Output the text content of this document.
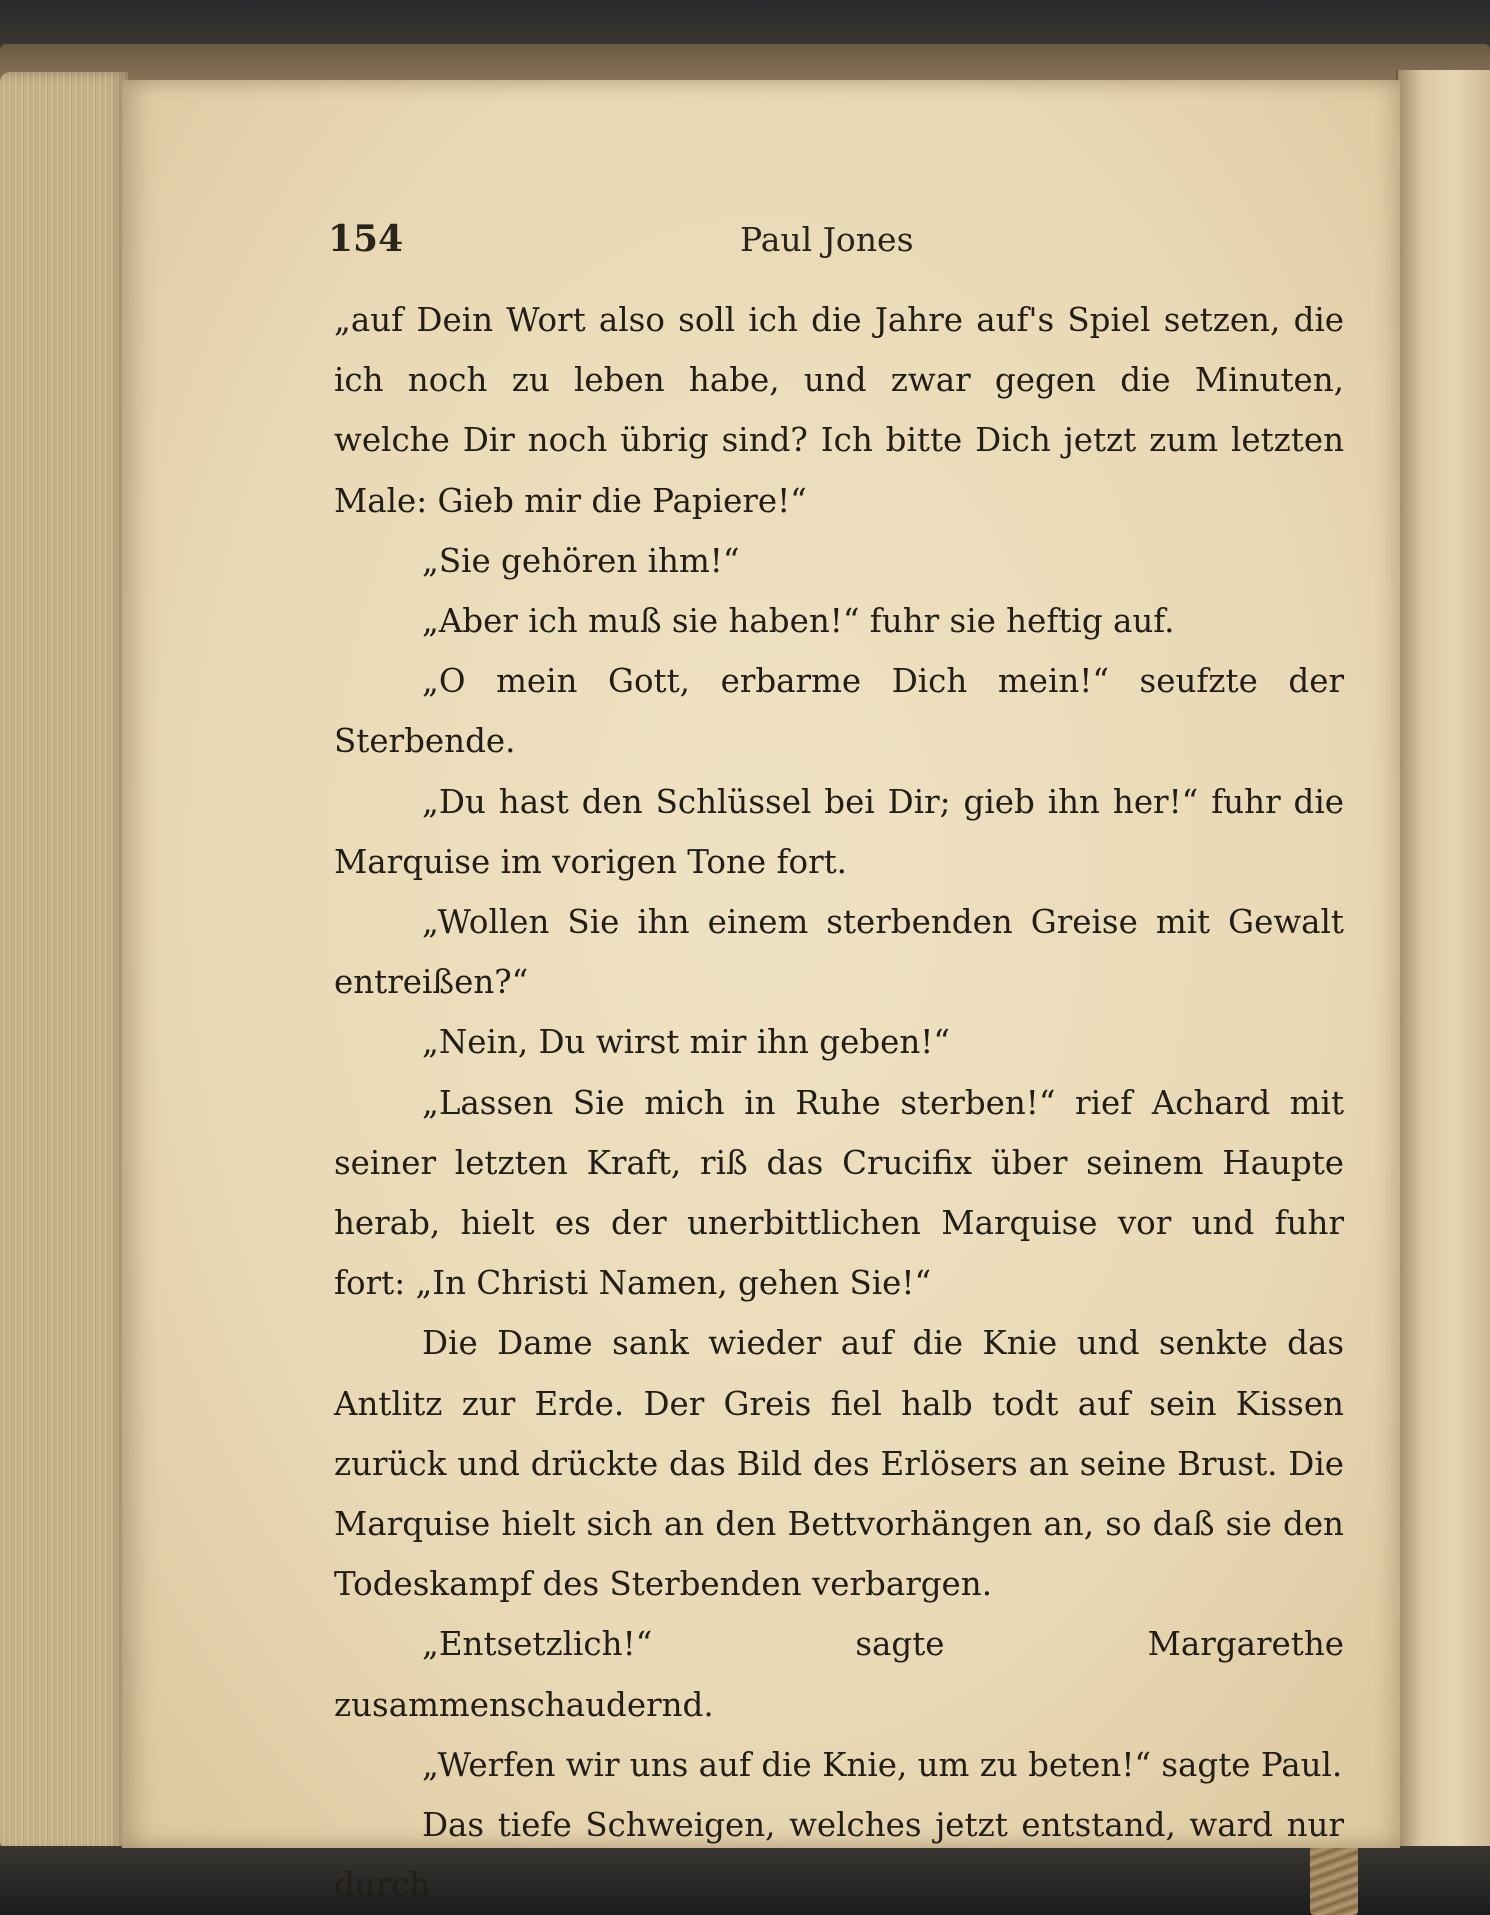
154	Paul Jones

„auf Dein Wort also soll ich die Jahre auf's Spiel setzen, die ich noch zu leben habe, und zwar gegen die Minuten, welche Dir noch übrig sind? Ich bitte Dich jetzt zum letzten Male: Gieb mir die Papiere!“

„Sie gehören ihm!“

„Aber ich muß sie haben!“ fuhr sie heftig auf.

„O mein Gott, erbarme Dich mein!“ seufzte der Sterbende.

„Du hast den Schlüssel bei Dir; gieb ihn her!“ fuhr die Marquise im vorigen Tone fort.

„Wollen Sie ihn einem sterbenden Greise mit Gewalt entreißen?“

„Nein, Du wirst mir ihn geben!“

„Lassen Sie mich in Ruhe sterben!“ rief Achard mit seiner letzten Kraft, riß das Crucifix über seinem Haupte herab, hielt es der unerbittlichen Marquise vor und fuhr fort: „In Christi Namen, gehen Sie!“

Die Dame sank wieder auf die Knie und senkte das Antlitz zur Erde. Der Greis fiel halb todt auf sein Kissen zurück und drückte das Bild des Erlösers an seine Brust. Die Marquise hielt sich an den Bettvorhängen an, so daß sie den Todeskampf des Sterbenden verbargen.

„Entsetzlich!“ sagte Margarethe zusammenschaudernd.

„Werfen wir uns auf die Knie, um zu beten!“ sagte Paul.

Das tiefe Schweigen, welches jetzt entstand, ward nur durch
